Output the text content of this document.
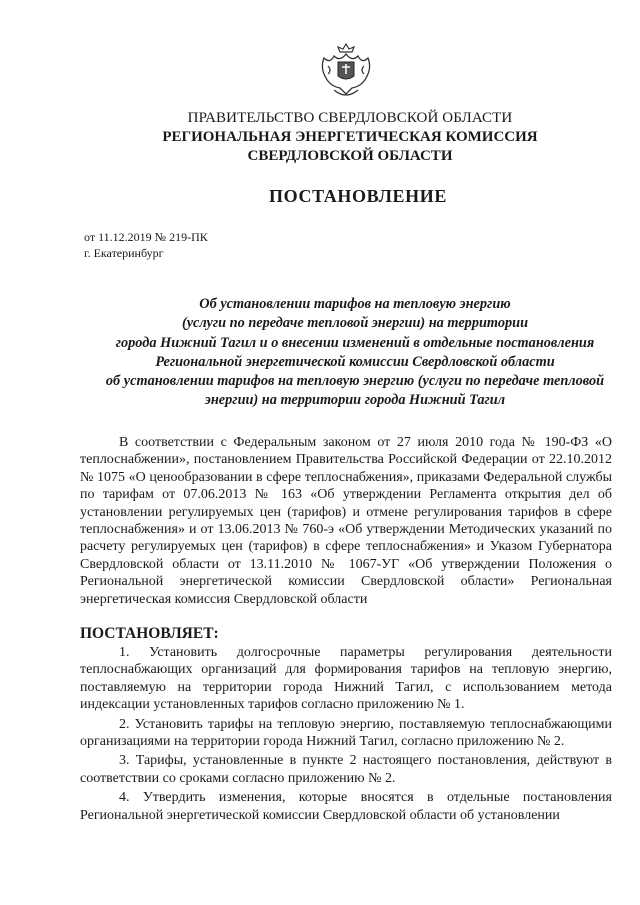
ПРАВИТЕЛЬСТВО СВЕРДЛОВСКОЙ ОБЛАСТИ
РЕГИОНАЛЬНАЯ ЭНЕРГЕТИЧЕСКАЯ КОМИССИЯ
СВЕРДЛОВСКОЙ ОБЛАСТИ
ПОСТАНОВЛЕНИЕ
от 11.12.2019 № 219-ПК
г. Екатеринбург
Об установлении тарифов на тепловую энергию
(услуги по передаче тепловой энергии) на территории
города Нижний Тагил и о внесении изменений в отдельные постановления
Региональной энергетической комиссии Свердловской области
об установлении тарифов на тепловую энергию (услуги по передаче тепловой
энергии) на территории города Нижний Тагил

В соответствии с Федеральным законом от 27 июля 2010 года № 190-ФЗ «О теплоснабжении», постановлением Правительства Российской Федерации от 22.10.2012 № 1075 «О ценообразовании в сфере теплоснабжения», приказами Федеральной службы по тарифам от 07.06.2013 № 163 «Об утверждении Регламента открытия дел об установлении регулируемых цен (тарифов) и отмене регулирования тарифов в сфере теплоснабжения» и от 13.06.2013 № 760-э «Об утверждении Методических указаний по расчету регулируемых цен (тарифов) в сфере теплоснабжения» и Указом Губернатора Свердловской области от 13.11.2010 № 1067-УГ «Об утверждении Положения о Региональной энергетической комиссии Свердловской области» Региональная энергетическая комиссия Свердловской области

ПОСТАНОВЛЯЕТ:

1. Установить долгосрочные параметры регулирования деятельности теплоснабжающих организаций для формирования тарифов на тепловую энергию, поставляемую на территории города Нижний Тагил, с использованием метода индексации установленных тарифов согласно приложению № 1.

2. Установить тарифы на тепловую энергию, поставляемую теплоснабжающими организациями на территории города Нижний Тагил, согласно приложению № 2.

3. Тарифы, установленные в пункте 2 настоящего постановления, действуют в соответствии со сроками согласно приложению № 2.

4. Утвердить изменения, которые вносятся в отдельные постановления Региональной энергетической комиссии Свердловской области об установлении
